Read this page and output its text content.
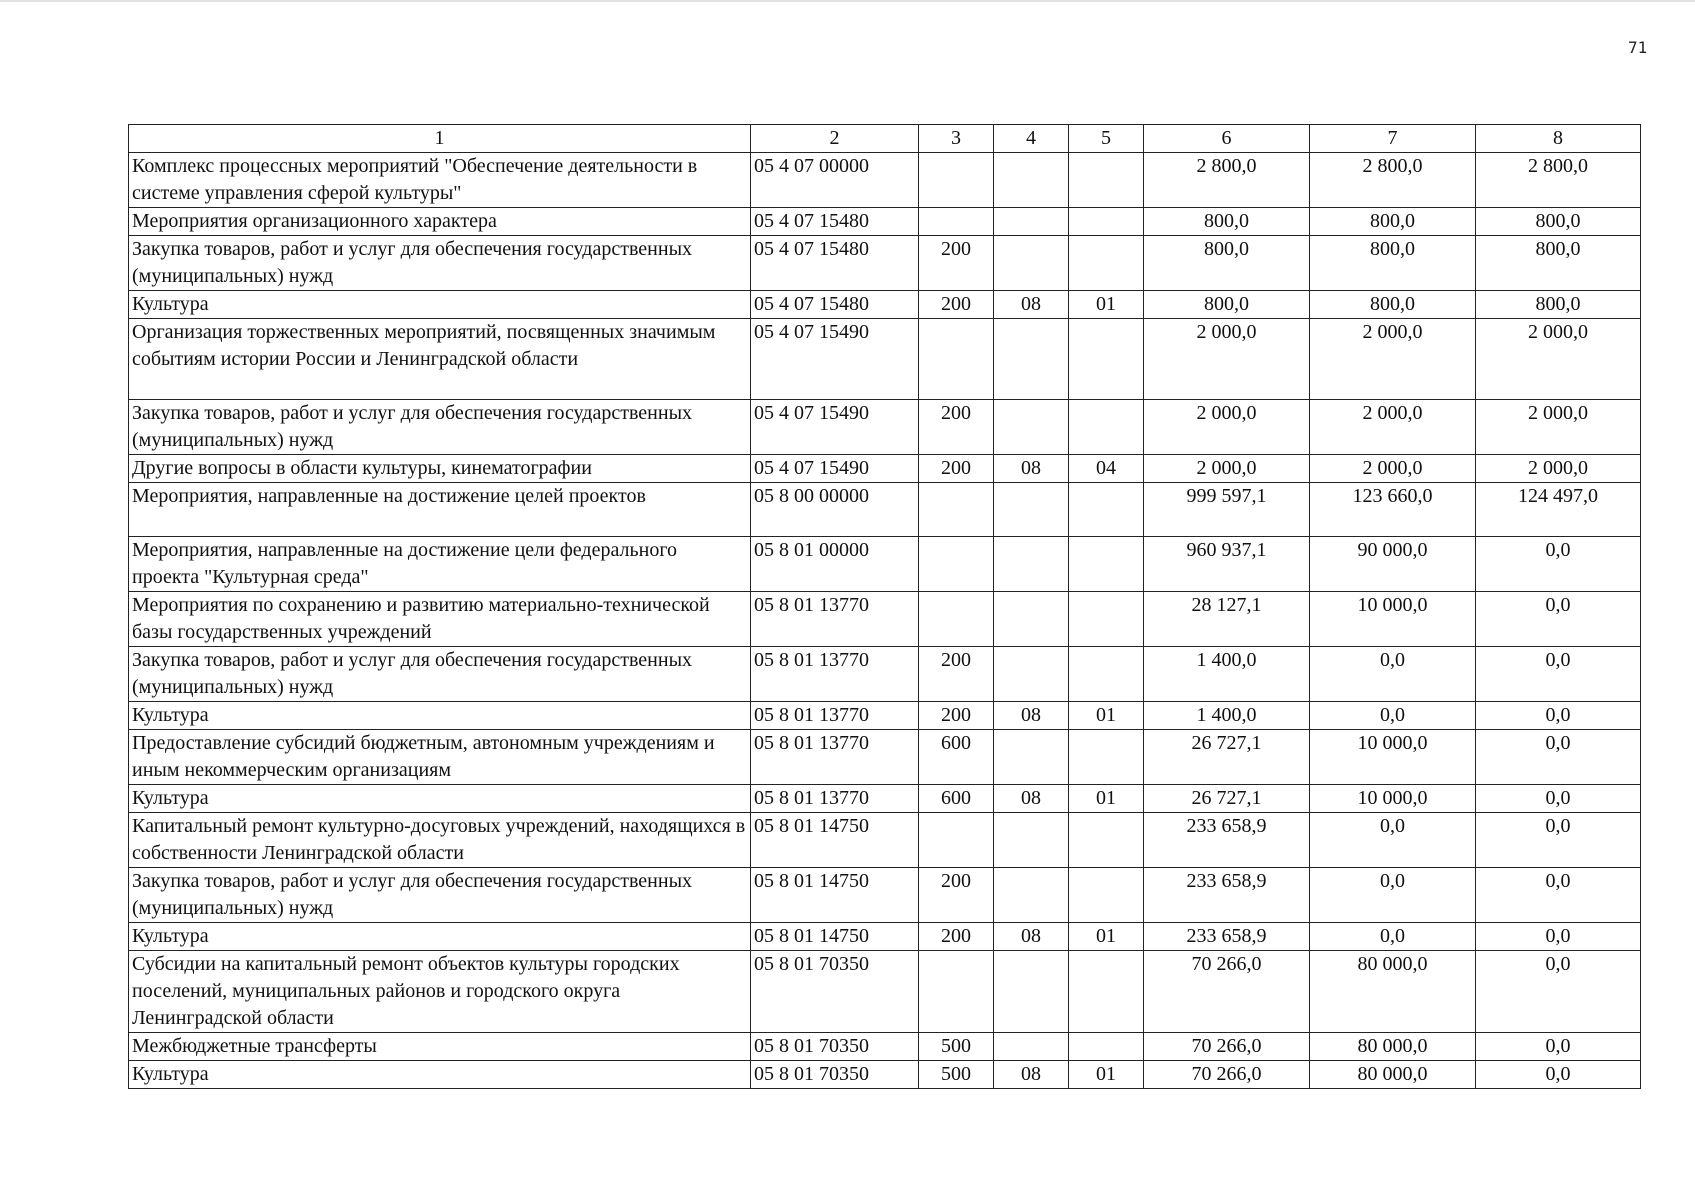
71
1	2	3	4	5	6	7	8
Комплекс процессных мероприятий "Обеспечение деятельности в системе управления сферой культуры"	05 4 07 00000				2 800,0	2 800,0	2 800,0
Мероприятия организационного характера	05 4 07 15480				800,0	800,0	800,0
Закупка товаров, работ и услуг для обеспечения государственных (муниципальных) нужд	05 4 07 15480	200			800,0	800,0	800,0
Культура	05 4 07 15480	200	08	01	800,0	800,0	800,0
Организация торжественных мероприятий, посвященных значимым событиям истории России и Ленинградской области	05 4 07 15490				2 000,0	2 000,0	2 000,0
Закупка товаров, работ и услуг для обеспечения государственных (муниципальных) нужд	05 4 07 15490	200			2 000,0	2 000,0	2 000,0
Другие вопросы в области культуры, кинематографии	05 4 07 15490	200	08	04	2 000,0	2 000,0	2 000,0
Мероприятия, направленные на достижение целей проектов	05 8 00 00000				999 597,1	123 660,0	124 497,0
Мероприятия, направленные на достижение цели федерального проекта "Культурная среда"	05 8 01 00000				960 937,1	90 000,0	0,0
Мероприятия по сохранению и развитию материально-технической базы государственных учреждений	05 8 01 13770				28 127,1	10 000,0	0,0
Закупка товаров, работ и услуг для обеспечения государственных (муниципальных) нужд	05 8 01 13770	200			1 400,0	0,0	0,0
Культура	05 8 01 13770	200	08	01	1 400,0	0,0	0,0
Предоставление субсидий бюджетным, автономным учреждениям и иным некоммерческим организациям	05 8 01 13770	600			26 727,1	10 000,0	0,0
Культура	05 8 01 13770	600	08	01	26 727,1	10 000,0	0,0
Капитальный ремонт культурно-досуговых учреждений, находящихся в собственности Ленинградской области	05 8 01 14750				233 658,9	0,0	0,0
Закупка товаров, работ и услуг для обеспечения государственных (муниципальных) нужд	05 8 01 14750	200			233 658,9	0,0	0,0
Культура	05 8 01 14750	200	08	01	233 658,9	0,0	0,0
Субсидии на капитальный ремонт объектов культуры городских поселений, муниципальных районов и городского округа Ленинградской области	05 8 01 70350				70 266,0	80 000,0	0,0
Межбюджетные трансферты	05 8 01 70350	500			70 266,0	80 000,0	0,0
Культура	05 8 01 70350	500	08	01	70 266,0	80 000,0	0,0
